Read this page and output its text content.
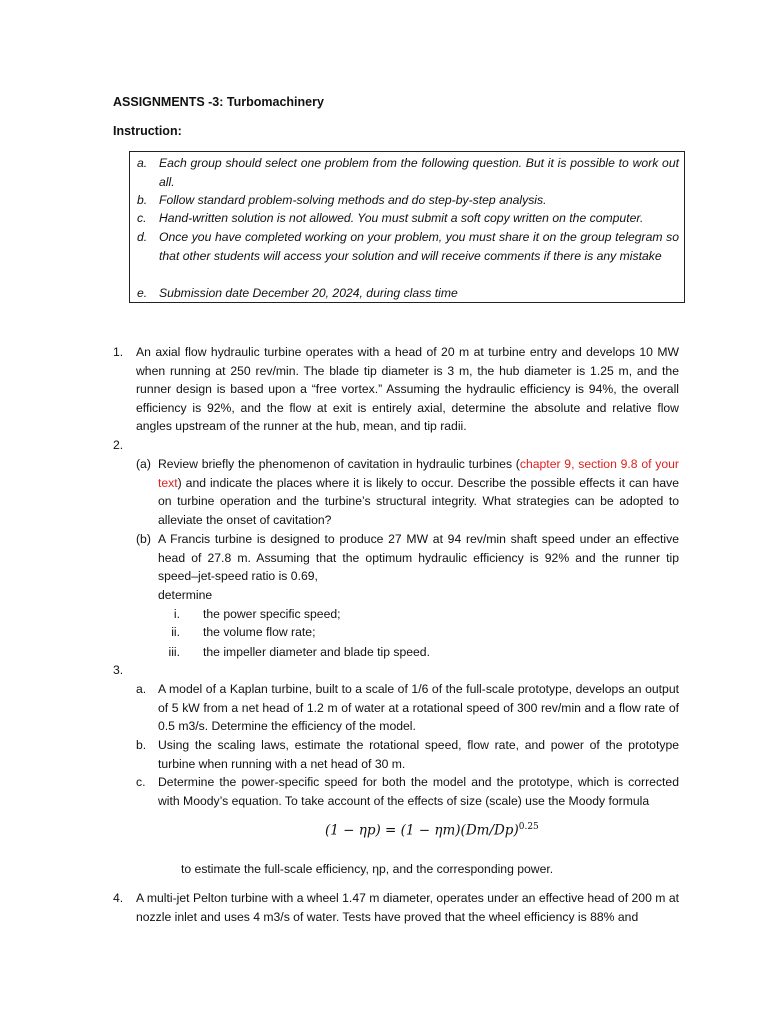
ASSIGNMENTS -3: Turbomachinery
Instruction:
a. Each group should select one problem from the following question. But it is possible to work out all.
b. Follow standard problem-solving methods and do step-by-step analysis.
c. Hand-written solution is not allowed. You must submit a soft copy written on the computer.
d. Once you have completed working on your problem, you must share it on the group telegram so that other students will access your solution and will receive comments if there is any mistake
e. Submission date December 20, 2024, during class time
1. An axial flow hydraulic turbine operates with a head of 20 m at turbine entry and develops 10 MW when running at 250 rev/min. The blade tip diameter is 3 m, the hub diameter is 1.25 m, and the runner design is based upon a “free vortex.” Assuming the hydraulic efficiency is 94%, the overall efficiency is 92%, and the flow at exit is entirely axial, determine the absolute and relative flow angles upstream of the runner at the hub, mean, and tip radii.
2.
(a) Review briefly the phenomenon of cavitation in hydraulic turbines (chapter 9, section 9.8 of your text) and indicate the places where it is likely to occur. Describe the possible effects it can have on turbine operation and the turbine’s structural integrity. What strategies can be adopted to alleviate the onset of cavitation?
(b) A Francis turbine is designed to produce 27 MW at 94 rev/min shaft speed under an effective head of 27.8 m. Assuming that the optimum hydraulic efficiency is 92% and the runner tip speed–jet-speed ratio is 0.69,
determine
i. the power specific speed;
ii. the volume flow rate;
iii. the impeller diameter and blade tip speed.
3.
a. A model of a Kaplan turbine, built to a scale of 1/6 of the full-scale prototype, develops an output of 5 kW from a net head of 1.2 m of water at a rotational speed of 300 rev/min and a flow rate of 0.5 m3/s. Determine the efficiency of the model.
b. Using the scaling laws, estimate the rotational speed, flow rate, and power of the prototype turbine when running with a net head of 30 m.
c. Determine the power-specific speed for both the model and the prototype, which is corrected with Moody’s equation. To take account of the effects of size (scale) use the Moody formula
$(1 - \eta p) = (1 - \eta m)(Dm/Dp)^{0.25}$
to estimate the full-scale efficiency, ηp, and the corresponding power.
4. A multi-jet Pelton turbine with a wheel 1.47 m diameter, operates under an effective head of 200 m at nozzle inlet and uses 4 m3/s of water. Tests have proved that the wheel efficiency is 88% and
